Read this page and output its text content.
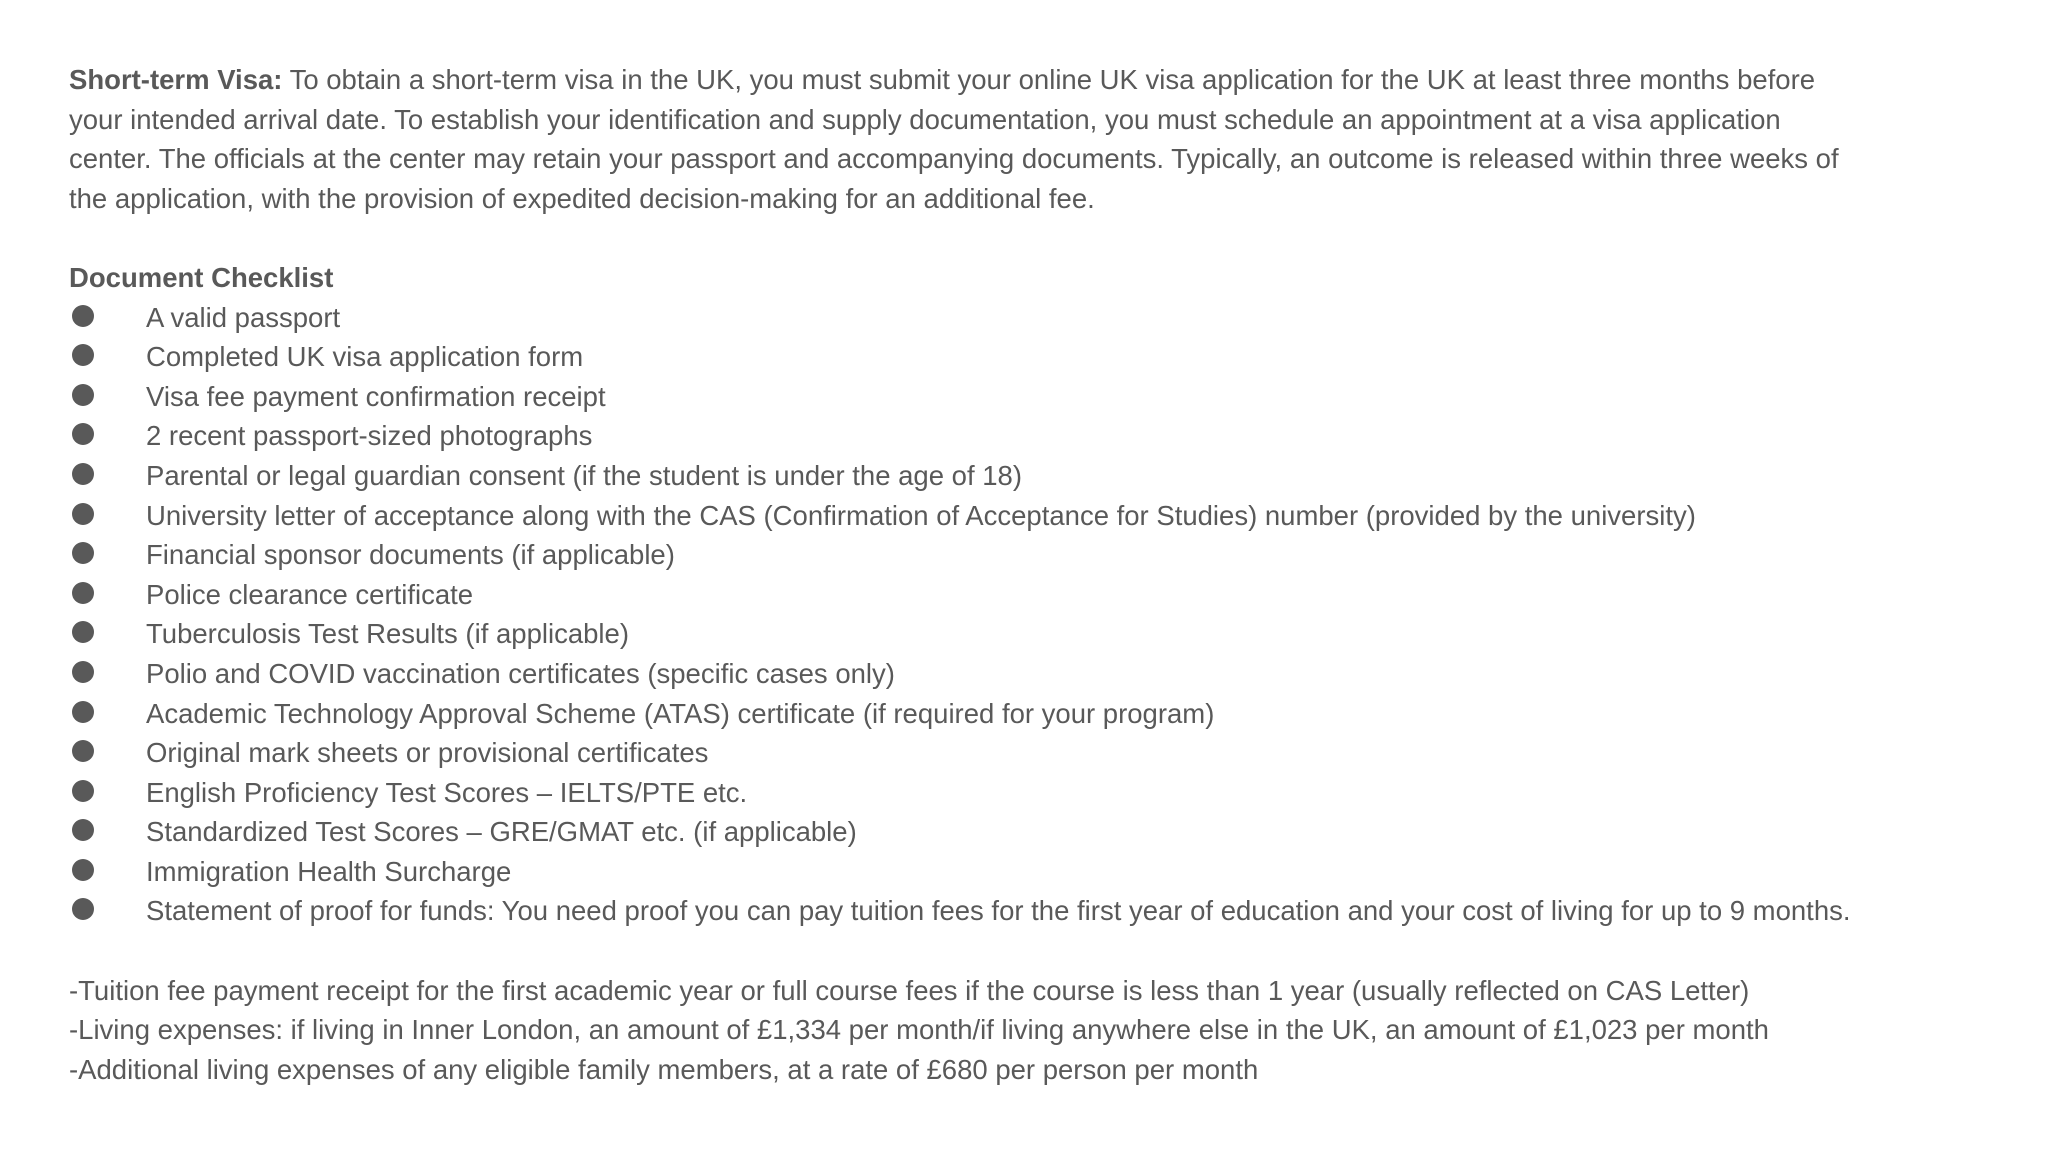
Short-term Visa: To obtain a short-term visa in the UK, you must submit your online UK visa application for the UK at least three months before
your intended arrival date. To establish your identification and supply documentation, you must schedule an appointment at a visa application
center. The officials at the center may retain your passport and accompanying documents. Typically, an outcome is released within three weeks of
the application, with the provision of expedited decision-making for an additional fee.

Document Checklist

A valid passport
Completed UK visa application form
Visa fee payment confirmation receipt
2 recent passport-sized photographs
Parental or legal guardian consent (if the student is under the age of 18)
University letter of acceptance along with the CAS (Confirmation of Acceptance for Studies) number (provided by the university)
Financial sponsor documents (if applicable)
Police clearance certificate
Tuberculosis Test Results (if applicable)
Polio and COVID vaccination certificates (specific cases only)
Academic Technology Approval Scheme (ATAS) certificate (if required for your program)
Original mark sheets or provisional certificates
English Proficiency Test Scores – IELTS/PTE etc.
Standardized Test Scores – GRE/GMAT etc. (if applicable)
Immigration Health Surcharge
Statement of proof for funds: You need proof you can pay tuition fees for the first year of education and your cost of living for up to 9 months.

-Tuition fee payment receipt for the first academic year or full course fees if the course is less than 1 year (usually reflected on CAS Letter)

-Living expenses: if living in Inner London, an amount of £1,334 per month/if living anywhere else in the UK, an amount of £1,023 per month

-Additional living expenses of any eligible family members, at a rate of £680 per person per month
